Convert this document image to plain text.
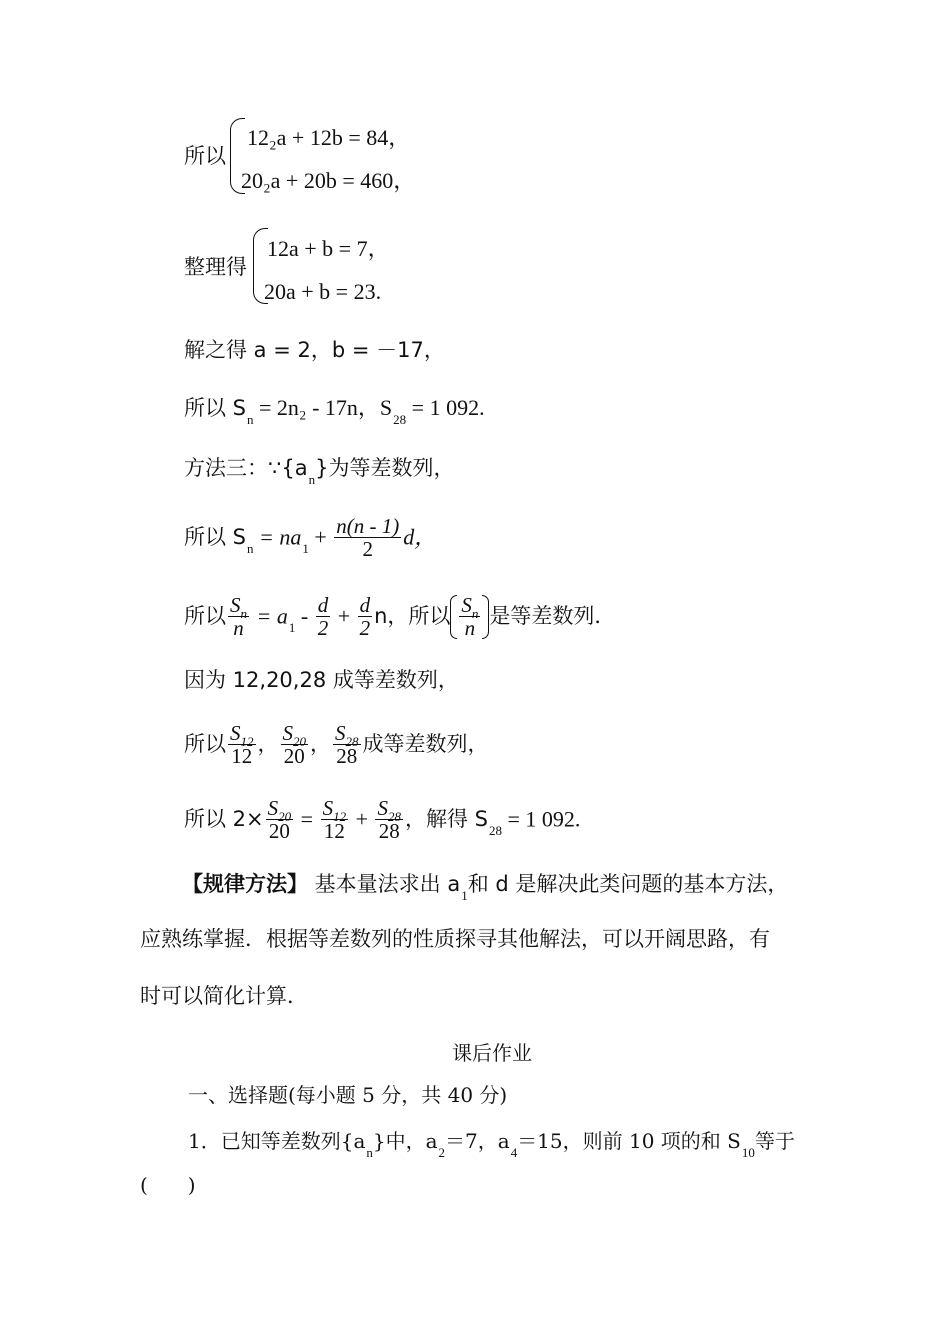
所以
12₂a + 12b = 84，
20₂a + 20b = 460，
整理得
12a + b = 7，
20a + b = 23.
解之得 a = 2，b = －17，
所以 $S_n = 2n_2 - 17n$，$S_{28} = 1$ 092.
方法三：$\because\{a_n\}$为等差数列，
所以 $S_n = na_1 + \frac{n(n - 1)}{2}$ d，
所以 $\frac{S_n}{n} = a_1 - \frac{d}{2} + \frac{d}{2}$ n，所以 $\frac{S_n}{n}$ 是等差数列．
因为 12,20,28 成等差数列，
所以 $\frac{S_{12}}{12}$ ， $\frac{S_{20}}{20}$ ， $\frac{S_{28}}{28}$ 成等差数列，
所以 $2\times \frac{S_{20}}{20} = \frac{S_{12}}{12} + \frac{S_{28}}{28}$ ，解得 $S_{28} = 1$ 092.
【规律方法】 基本量法求出 $a_1$和 d 是解决此类问题的基本方法，
应熟练掌握．根据等差数列的性质探寻其他解法，可以开阔思路，有
时可以简化计算．
课后作业
一、选择题(每小题 5 分，共 40 分)
1．已知等差数列$\{a_n\}$中，$a_2=7$，$a_4=15$，则前 10 项的和 $S_{10}$等于
(　　)
